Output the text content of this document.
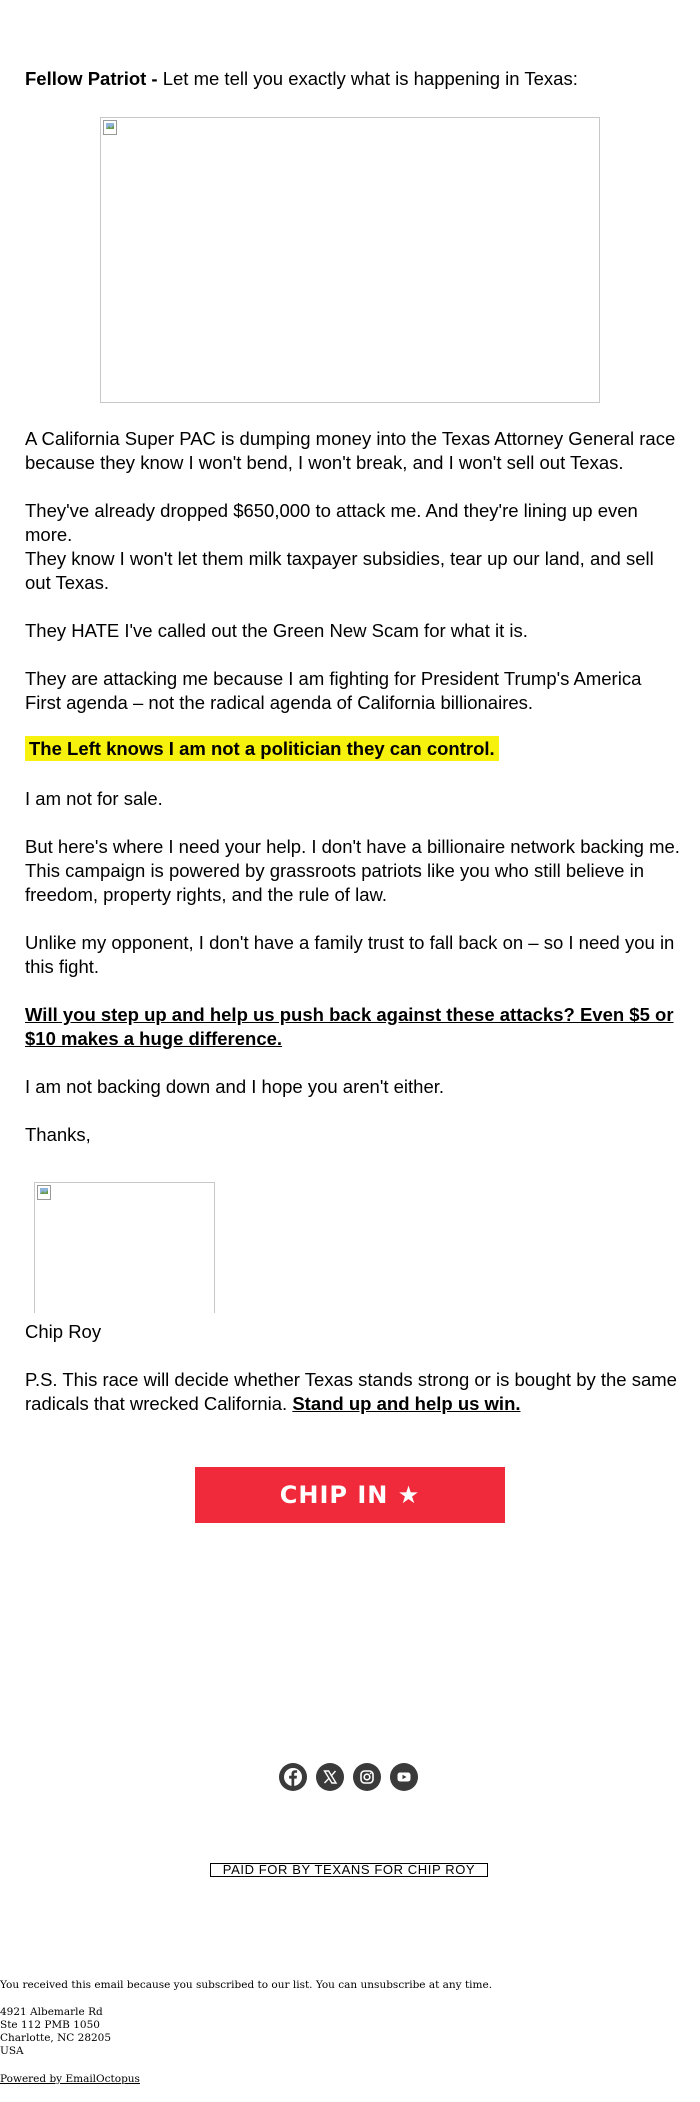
Fellow Patriot - Let me tell you exactly what is happening in Texas:
A California Super PAC is dumping money into the Texas Attorney General race because they know I won't bend, I won't break, and I won't sell out Texas.
They've already dropped $650,000 to attack me. And they're lining up even more.
They know I won't let them milk taxpayer subsidies, tear up our land, and sell out Texas.
They HATE I've called out the Green New Scam for what it is.
They are attacking me because I am fighting for President Trump's America First agenda – not the radical agenda of California billionaires.
The Left knows I am not a politician they can control.
I am not for sale.
But here's where I need your help. I don't have a billionaire network backing me. This campaign is powered by grassroots patriots like you who still believe in freedom, property rights, and the rule of law.
Unlike my opponent, I don't have a family trust to fall back on – so I need you in this fight.
Will you step up and help us push back against these attacks? Even $5 or $10 makes a huge difference.
I am not backing down and I hope you aren't either.
Thanks,
Chip Roy
P.S. This race will decide whether Texas stands strong or is bought by the same radicals that wrecked California. Stand up and help us win.
CHIP IN ★
PAID FOR BY TEXANS FOR CHIP ROY
You received this email because you subscribed to our list. You can unsubscribe at any time.
4921 Albemarle Rd
Ste 112 PMB 1050
Charlotte, NC 28205
USA
Powered by EmailOctopus
